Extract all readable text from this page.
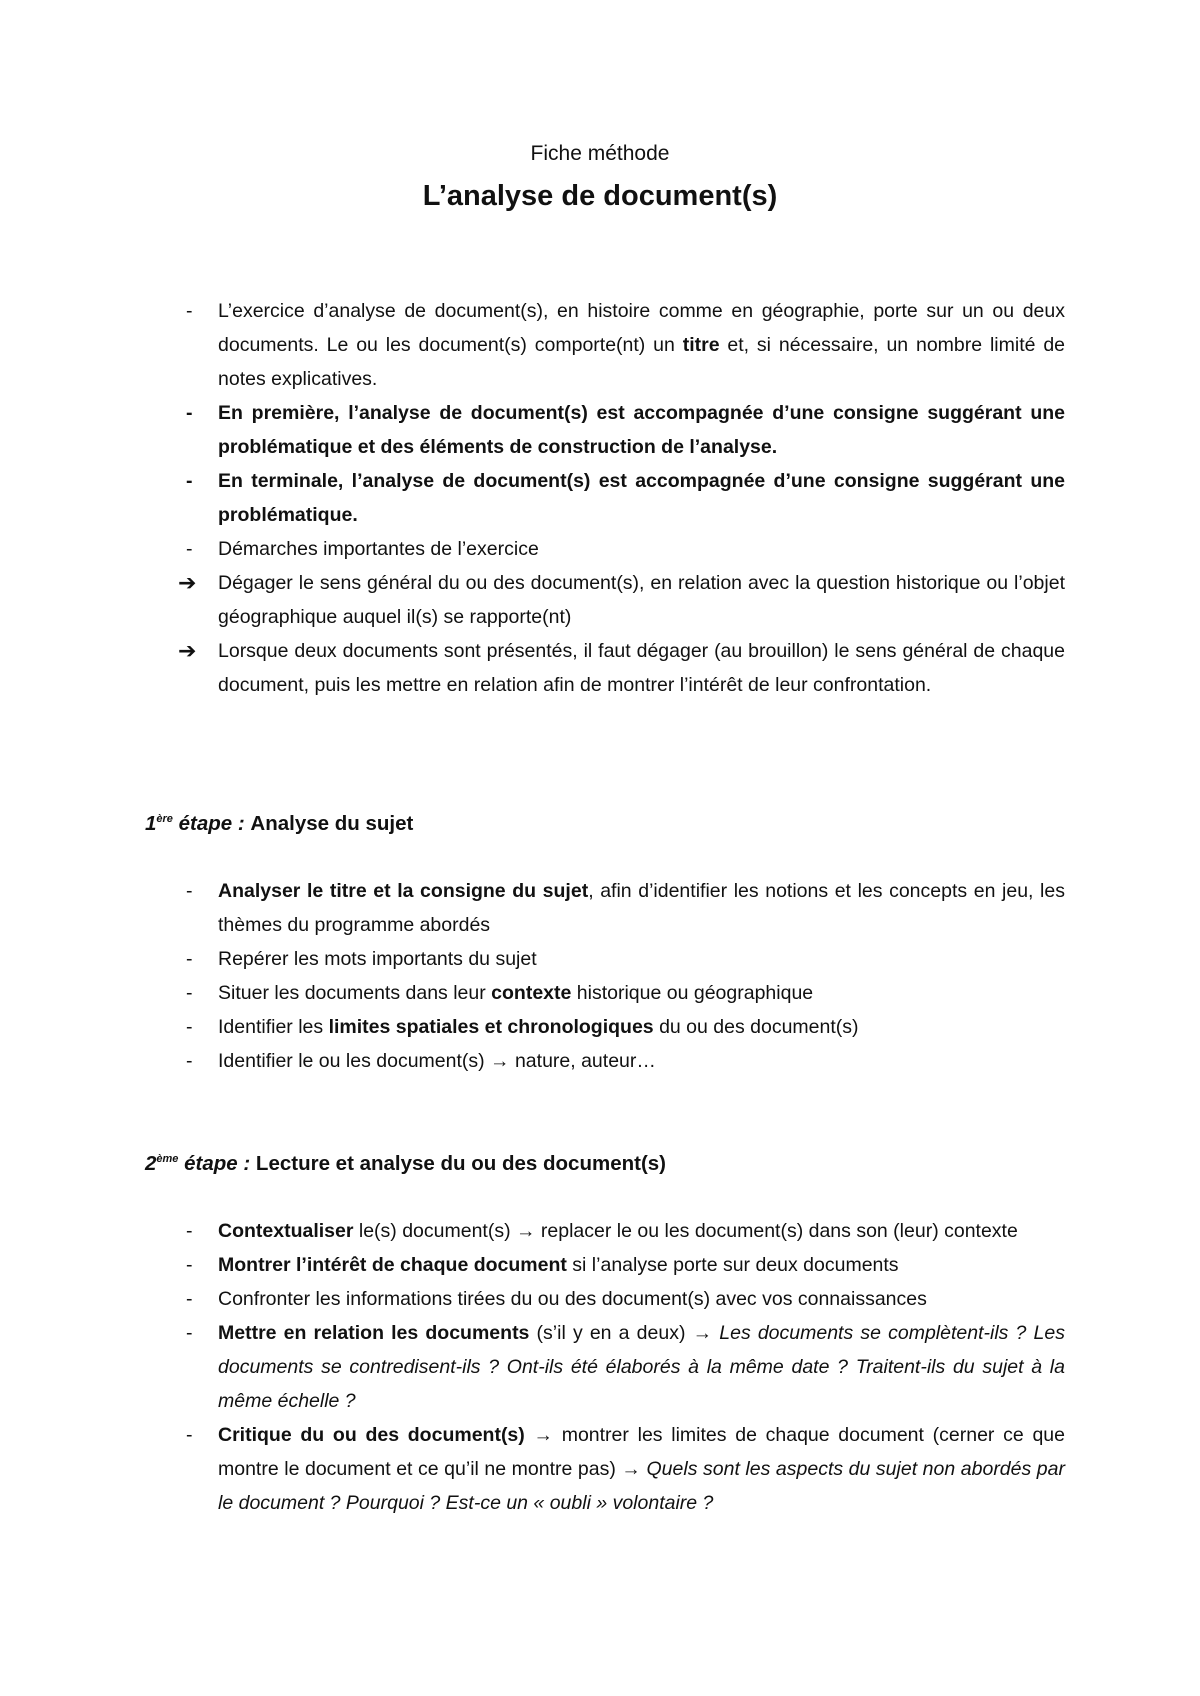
Fiche méthode
L’analyse de document(s)
-	L’exercice d’analyse de document(s), en histoire comme en géographie, porte sur un ou deux documents. Le ou les document(s) comporte(nt) un titre et, si nécessaire, un nombre limité de notes explicatives.
-	En première, l’analyse de document(s) est accompagnée d’une consigne suggérant une problématique et des éléments de construction de l’analyse.
-	En terminale, l’analyse de document(s) est accompagnée d’une consigne suggérant une problématique.
-	Démarches importantes de l’exercice
➔	Dégager le sens général du ou des document(s), en relation avec la question historique ou l’objet géographique auquel il(s) se rapporte(nt)
➔	Lorsque deux documents sont présentés, il faut dégager (au brouillon) le sens général de chaque document, puis les mettre en relation afin de montrer l’intérêt de leur confrontation.
1ère étape : Analyse du sujet
-	Analyser le titre et la consigne du sujet, afin d’identifier les notions et les concepts en jeu, les thèmes du programme abordés
-	Repérer les mots importants du sujet
-	Situer les documents dans leur contexte historique ou géographique
-	Identifier les limites spatiales et chronologiques du ou des document(s)
-	Identifier le ou les document(s) → nature, auteur…
2ème étape : Lecture et analyse du ou des document(s)
-	Contextualiser le(s) document(s) → replacer le ou les document(s) dans son (leur) contexte
-	Montrer l’intérêt de chaque document si l’analyse porte sur deux documents
-	Confronter les informations tirées du ou des document(s) avec vos connaissances
-	Mettre en relation les documents (s’il y en a deux) → Les documents se complètent-ils ? Les documents se contredisent-ils ? Ont-ils été élaborés à la même date ? Traitent-ils du sujet à la même échelle ?
-	Critique du ou des document(s) → montrer les limites de chaque document (cerner ce que montre le document et ce qu’il ne montre pas) → Quels sont les aspects du sujet non abordés par le document ? Pourquoi ? Est-ce un « oubli » volontaire ?
